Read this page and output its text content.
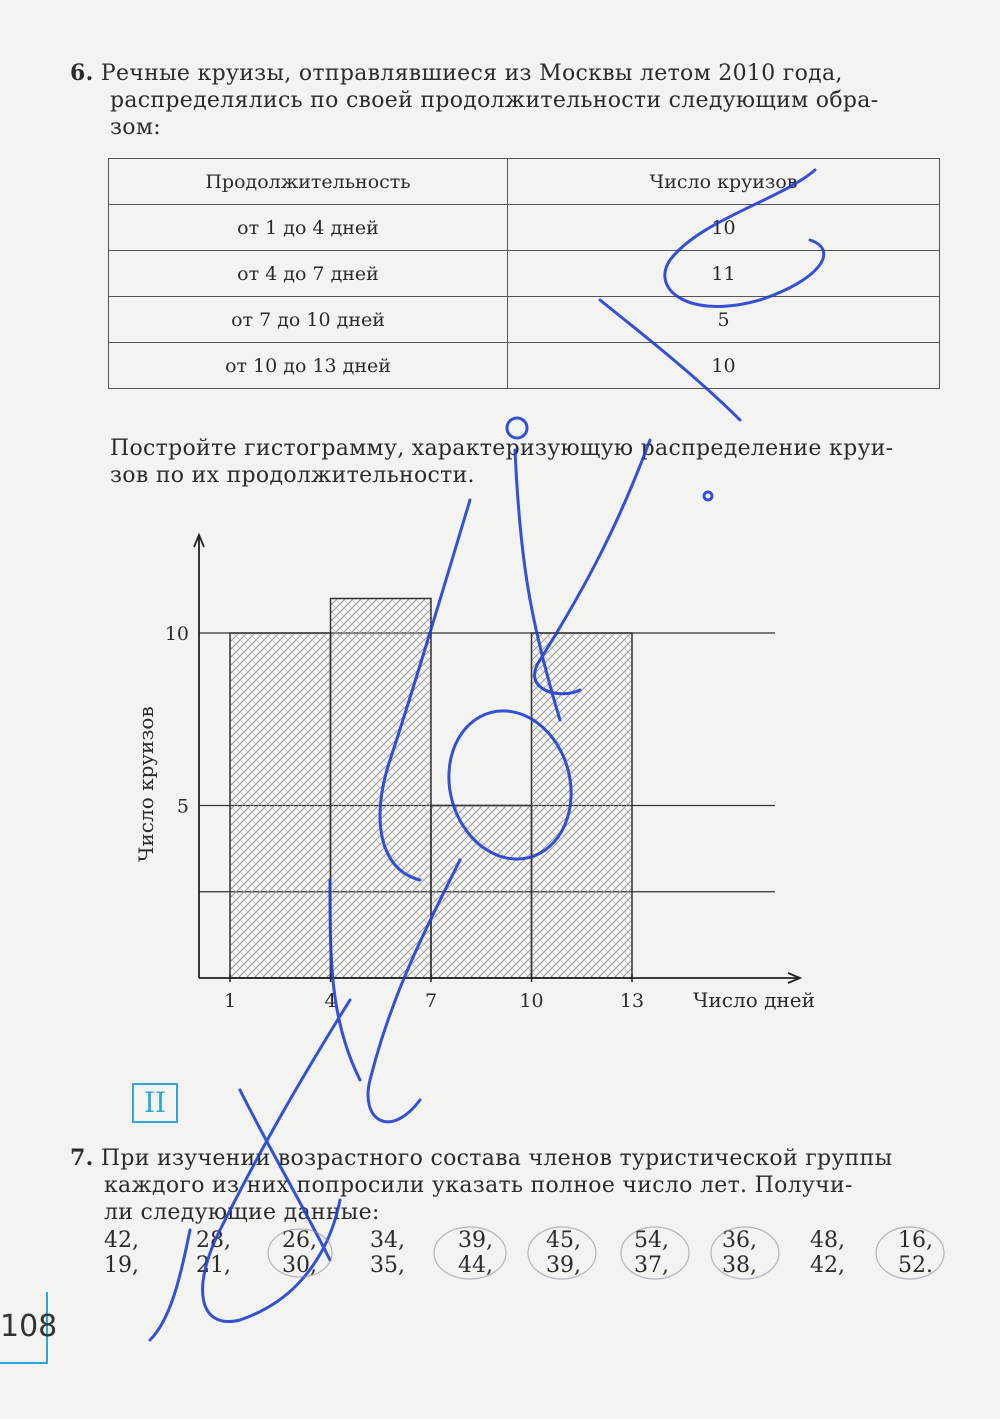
6. Речные круизы, отправлявшиеся из Москвы летом 2010 года,
распределялись по своей продолжительности следующим обра-
зом:
Продолжительность	Число круизов
от 1 до 4 дней	10
от 4 до 7 дней	11
от 7 до 10 дней	5
от 10 до 13 дней	10
Постройте гистограмму, характеризующую распределение круи-
зов по их продолжительности.
1	4	7	10	13
5
10
Число дней
Число круизов
II
7. При изучении возрастного состава членов туристической группы
каждого из них попросили указать полное число лет. Получи-
ли следующие данные:
42,	28, 26, 34, 39, 45, 54, 36, 48, 16,
19,	21, 30, 35, 44, 39, 37, 38, 42, 52.
108
